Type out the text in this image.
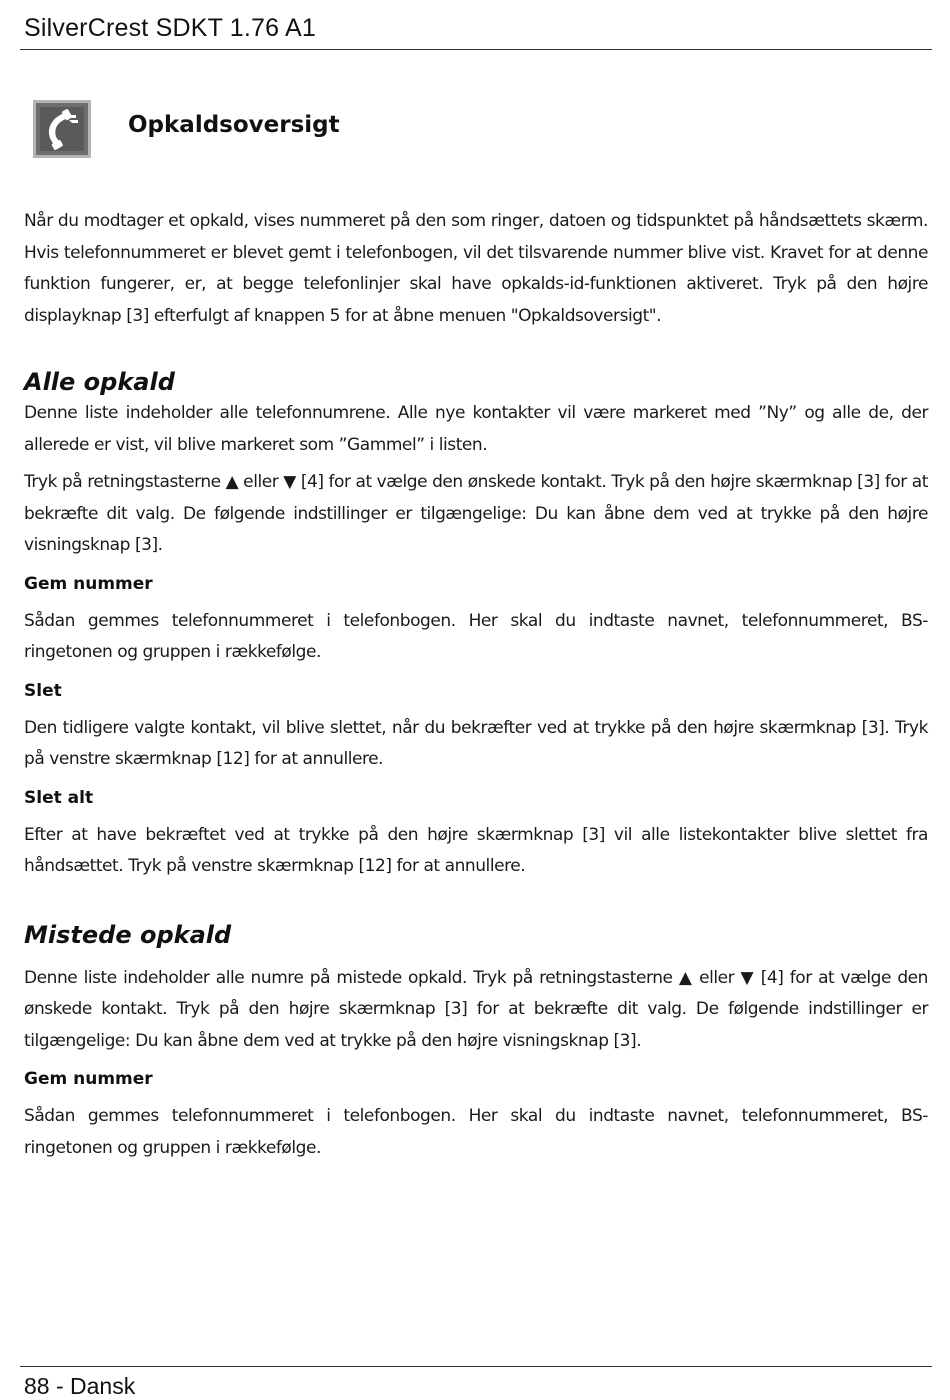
SilverCrest SDKT 1.76 A1
Opkaldsoversigt

Når du modtager et opkald, vises nummeret på den som ringer, datoen og tidspunktet på håndsættets skærm. Hvis telefonnummeret er blevet gemt i telefonbogen, vil det tilsvarende nummer blive vist. Kravet for at denne funktion fungerer, er, at begge telefonlinjer skal have opkalds-id-funktionen aktiveret. Tryk på den højre displayknap [3] efterfulgt af knappen 5 for at åbne menuen "Opkaldsoversigt".

Alle opkald

Denne liste indeholder alle telefonnumrene. Alle nye kontakter vil være markeret med ”Ny” og alle de, der allerede er vist, vil blive markeret som ”Gammel” i listen.

Tryk på retningstasterne ▲ eller ▼ [4] for at vælge den ønskede kontakt. Tryk på den højre skærmknap [3] for at bekræfte dit valg. De følgende indstillinger er tilgængelige: Du kan åbne dem ved at trykke på den højre visningsknap [3].

Gem nummer

Sådan gemmes telefonnummeret i telefonbogen. Her skal du indtaste navnet, telefonnummeret, BS-ringetonen og gruppen i rækkefølge.

Slet

Den tidligere valgte kontakt, vil blive slettet, når du bekræfter ved at trykke på den højre skærmknap [3]. Tryk på venstre skærmknap [12] for at annullere.

Slet alt

Efter at have bekræftet ved at trykke på den højre skærmknap [3] vil alle listekontakter blive slettet fra håndsættet. Tryk på venstre skærmknap [12] for at annullere.

Mistede opkald

Denne liste indeholder alle numre på mistede opkald. Tryk på retningstasterne ▲ eller ▼ [4] for at vælge den ønskede kontakt. Tryk på den højre skærmknap [3] for at bekræfte dit valg. De følgende indstillinger er tilgængelige: Du kan åbne dem ved at trykke på den højre visningsknap [3].

Gem nummer

Sådan gemmes telefonnummeret i telefonbogen. Her skal du indtaste navnet, telefonnummeret, BS-ringetonen og gruppen i rækkefølge.

88 - Dansk
